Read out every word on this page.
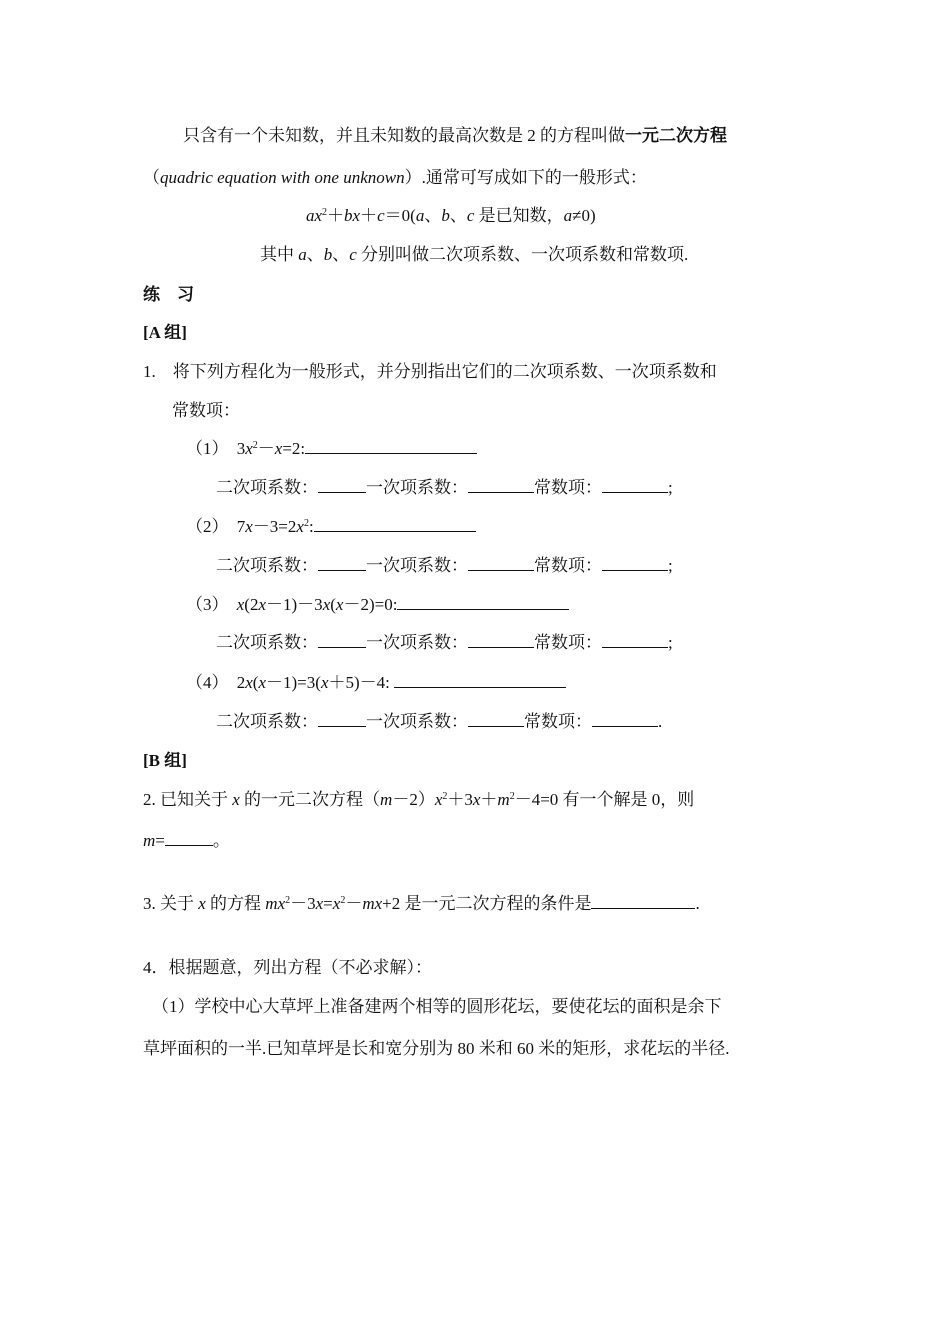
只含有一个未知数，并且未知数的最高次数是 2 的方程叫做一元二次方程
（quadric equation with one unknown）.通常可写成如下的一般形式：
$ax^2+bx+c=0(a$、b、c 是已知数，a≠0)
其中 a、b、c 分别叫做二次项系数、一次项系数和常数项.
练　习
[A 组]
1.　将下列方程化为一般形式，并分别指出它们的二次项系数、一次项系数和
常数项：
（1） $3x^2-x=2$:
二次项系数：	一次项系数：	常数项：	;
（2） $7x-3=2x^2$:
二次项系数：	一次项系数：	常数项：	;
（3） x(2x－1)－3x(x－2)=0:
二次项系数：	一次项系数：	常数项：	;
（4） 2x(x－1)=3(x＋5)－4:
二次项系数：	一次项系数：	常数项：	.
[B 组]
2. 已知关于 x 的一元二次方程$(m-2)x^2+3x+m^2-4=0$ 有一个解是 0，则
m=	。
3. 关于 x 的方程 $mx^2-3x=x^2-mx+2$ 是一元二次方程的条件是	.
4．根据题意，列出方程（不必求解）：
（1）学校中心大草坪上准备建两个相等的圆形花坛，要使花坛的面积是余下
草坪面积的一半.已知草坪是长和宽分别为 80 米和 60 米的矩形，求花坛的半径.
